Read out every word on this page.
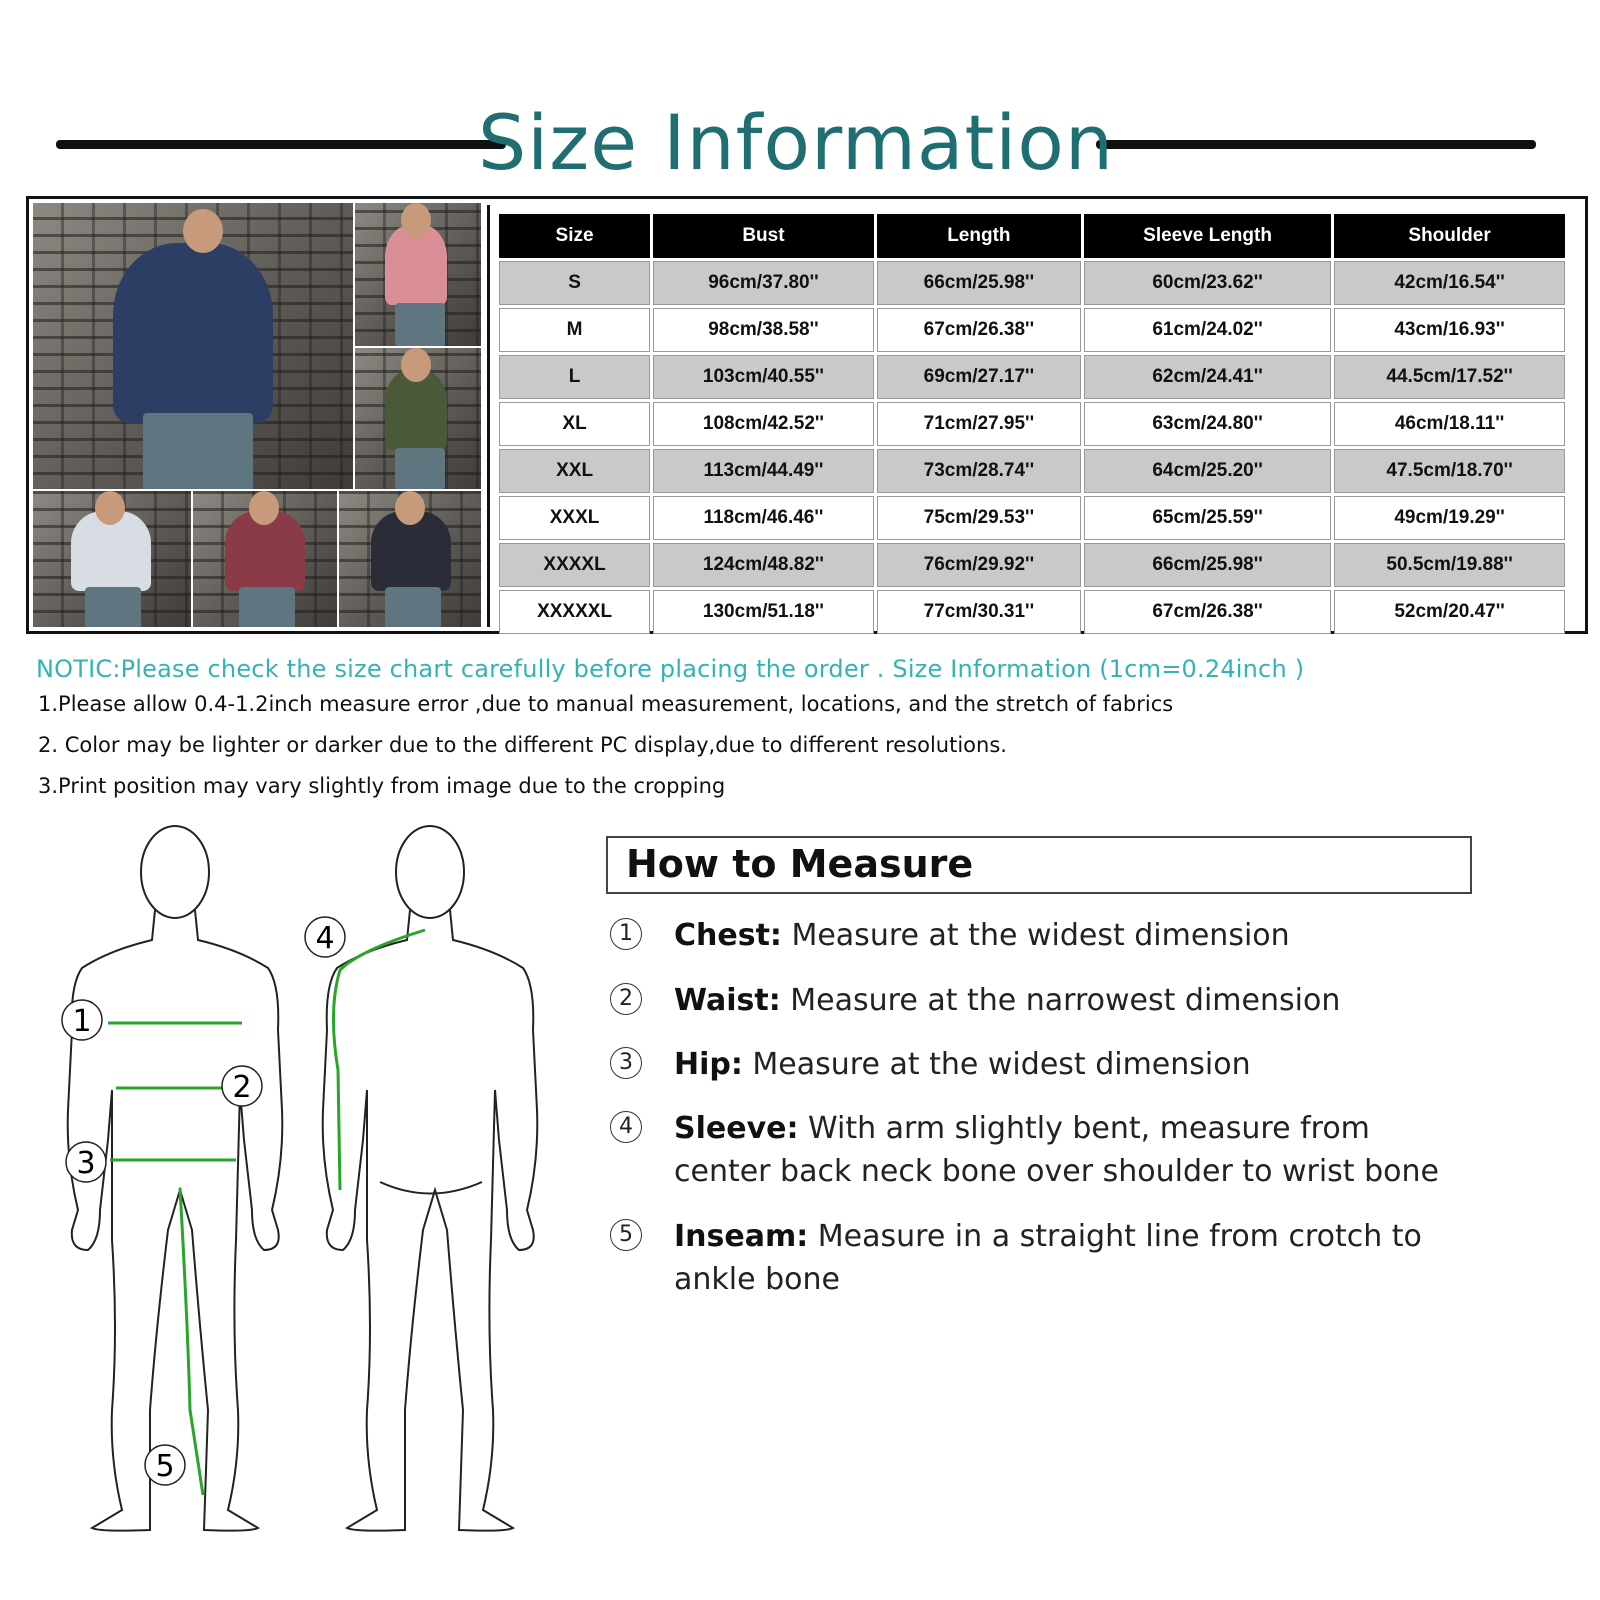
Size Information
Size	Bust	Length	Sleeve Length	Shoulder
S	96cm/37.80''	66cm/25.98''	60cm/23.62''	42cm/16.54''
M	98cm/38.58''	67cm/26.38''	61cm/24.02''	43cm/16.93''
L	103cm/40.55''	69cm/27.17''	62cm/24.41''	44.5cm/17.52''
XL	108cm/42.52''	71cm/27.95''	63cm/24.80''	46cm/18.11''
XXL	113cm/44.49''	73cm/28.74''	64cm/25.20''	47.5cm/18.70''
XXXL	118cm/46.46''	75cm/29.53''	65cm/25.59''	49cm/19.29''
XXXXL	124cm/48.82''	76cm/29.92''	66cm/25.98''	50.5cm/19.88''
XXXXXL	130cm/51.18''	77cm/30.31''	67cm/26.38''	52cm/20.47''
NOTIC:Please check the size chart carefully before placing the order . Size Information (1cm=0.24inch )
1.Please allow 0.4-1.2inch measure error ,due to manual measurement, locations, and the stretch of fabrics
2. Color may be lighter or darker due to the different PC display,due to different resolutions.
3.Print position may vary slightly from image due to the cropping
1
2
3
4
5
How to Measure
1	Chest: Measure at the widest dimension
2	Waist: Measure at the narrowest dimension
3	Hip: Measure at the widest dimension
4	Sleeve: With arm slightly bent, measure from
center back neck bone over shoulder to wrist bone
5	Inseam: Measure in a straight line from crotch to
ankle bone
